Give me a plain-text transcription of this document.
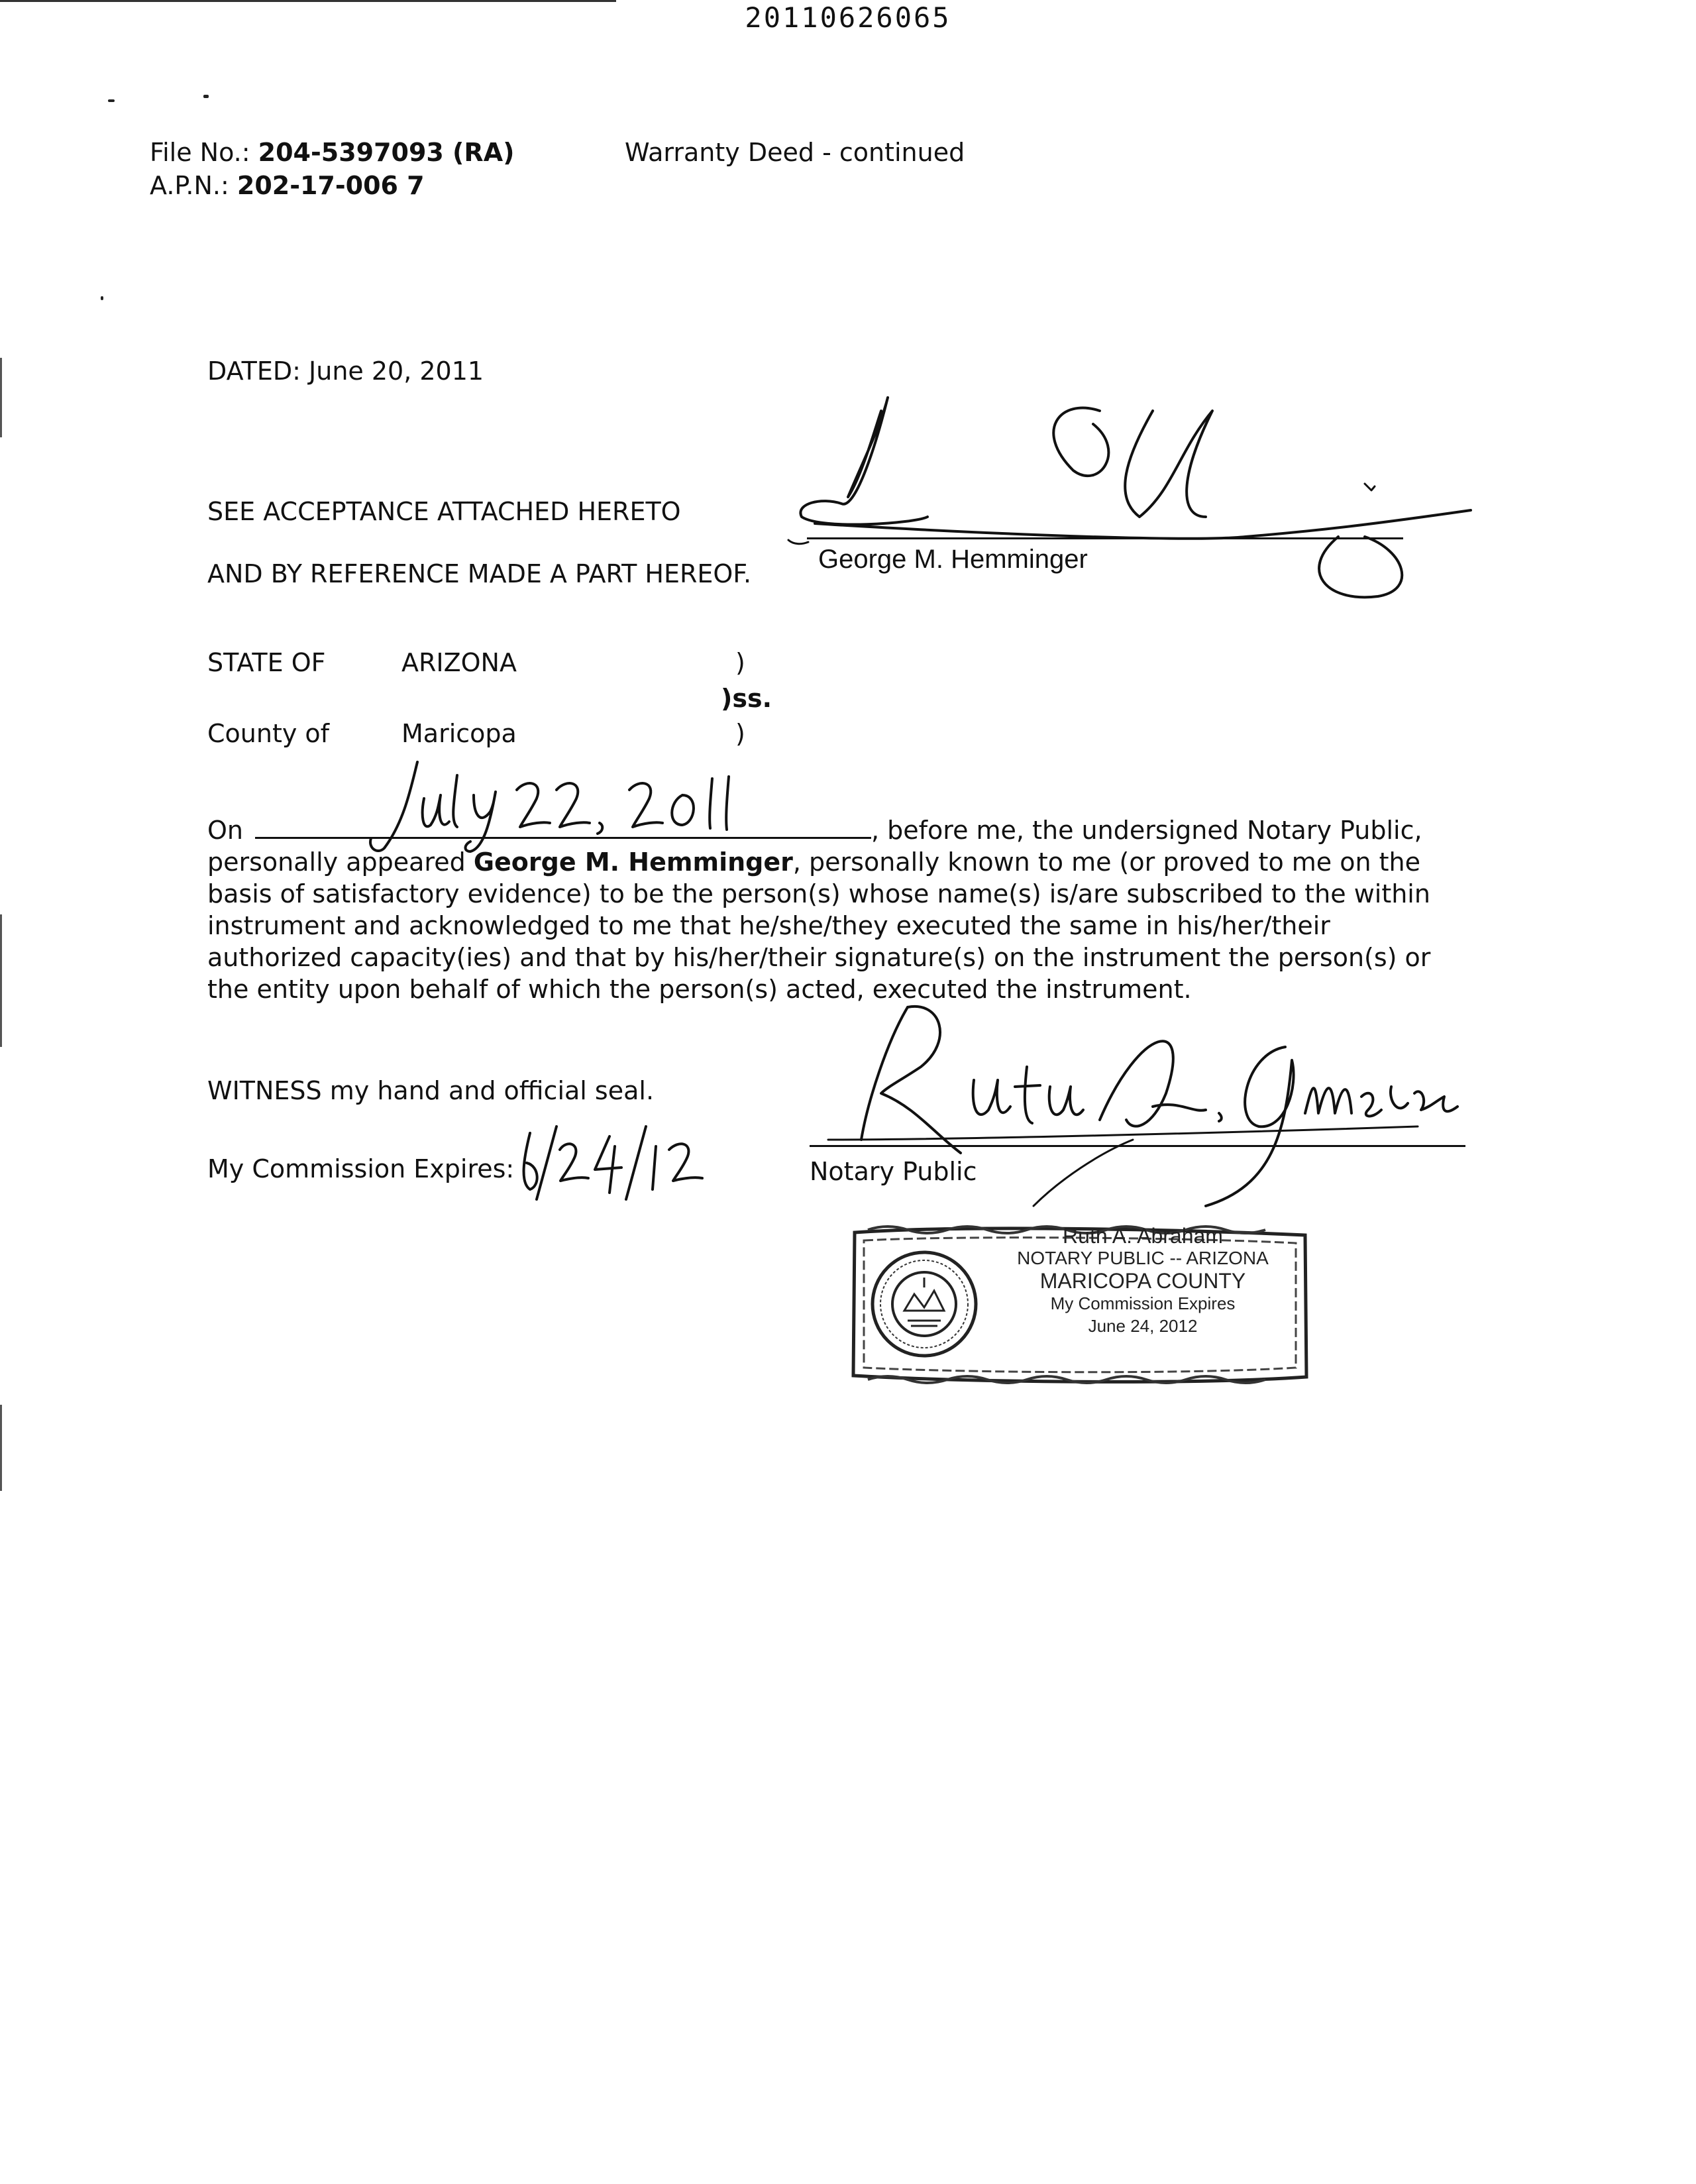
20110626065
File No.: 204-5397093 (RA)
A.P.N.: 202-17-006 7
Warranty Deed - continued
DATED: June 20, 2011
SEE ACCEPTANCE ATTACHED HERETO
AND BY REFERENCE MADE A PART HEREOF.	George M. Hemminger
STATE OF	ARIZONA	)
)ss.
County of	Maricopa	)
On	, before me, the undersigned Notary Public, personally appeared George M. Hemminger, personally known to me (or proved to me on the basis of satisfactory evidence) to be the person(s) whose name(s) is/are subscribed to the within instrument and acknowledged to me that he/she/they executed the same in his/her/their authorized capacity(ies) and that by his/her/their signature(s) on the instrument the person(s) or the entity upon behalf of which the person(s) acted, executed the instrument.
WITNESS my hand and official seal.
My Commission Expires:	Notary Public
Ruth A. Abraham
NOTARY PUBLIC -- ARIZONA
MARICOPA COUNTY
My Commission Expires
June 24, 2012
